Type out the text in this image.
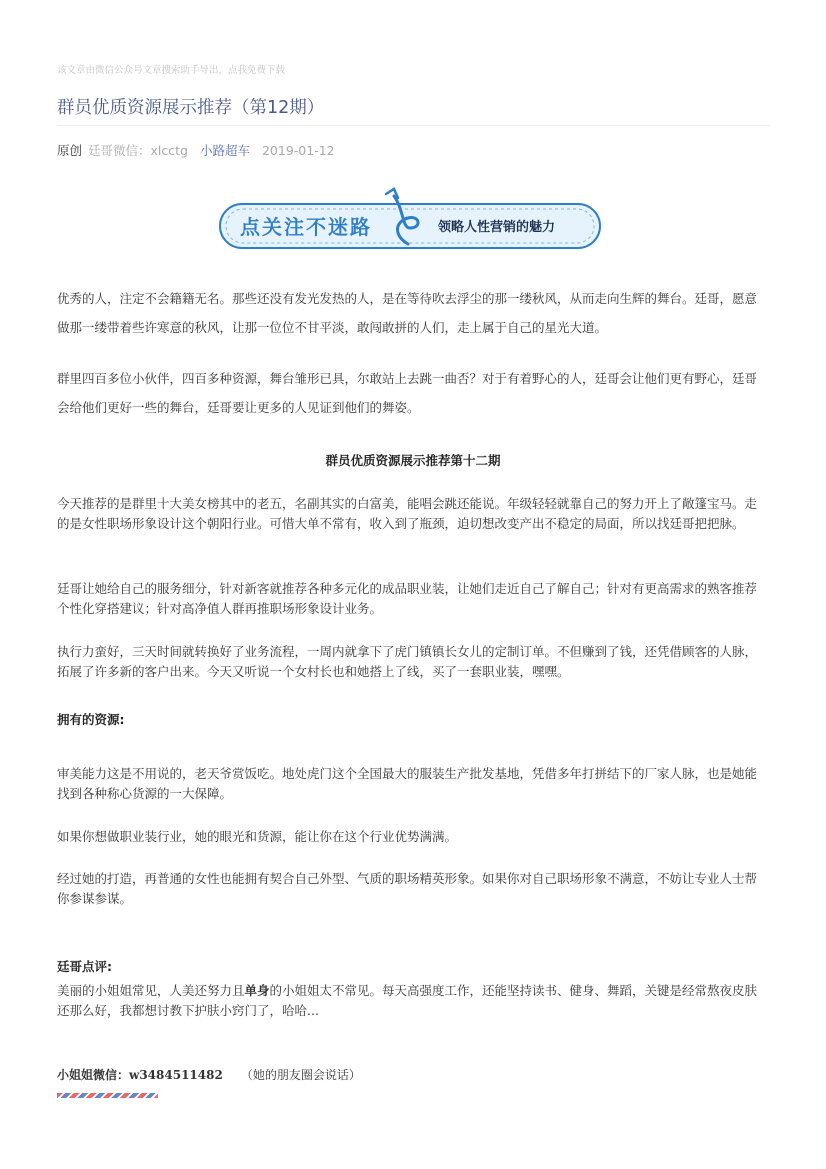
该文章由微信公众号文章搜索助手导出，点我免费下载
群员优质资源展示推荐（第12期）
原创 廷哥微信：xlcctg 小路超车 2019-01-12
点关注不迷路	领略人性营销的魅力
优秀的人，注定不会籍籍无名。那些还没有发光发热的人，是在等待吹去浮尘的那一缕秋风，从而走向生辉的舞台。廷哥，愿意做那一缕带着些许寒意的秋风，让那一位位不甘平淡，敢闯敢拼的人们，走上属于自己的星光大道。
群里四百多位小伙伴，四百多种资源，舞台雏形已具，尔敢站上去跳一曲否？对于有着野心的人，廷哥会让他们更有野心，廷哥会给他们更好一些的舞台，廷哥要让更多的人见证到他们的舞姿。
群员优质资源展示推荐第十二期
今天推荐的是群里十大美女榜其中的老五，名副其实的白富美，能唱会跳还能说。年级轻轻就靠自己的努力开上了敞篷宝马。走的是女性职场形象设计这个朝阳行业。可惜大单不常有，收入到了瓶颈，迫切想改变产出不稳定的局面，所以找廷哥把把脉。
廷哥让她给自己的服务细分，针对新客就推荐各种多元化的成品职业装，让她们走近自己了解自己；针对有更高需求的熟客推荐个性化穿搭建议；针对高净值人群再推职场形象设计业务。
执行力蛮好，三天时间就转换好了业务流程，一周内就拿下了虎门镇镇长女儿的定制订单。不但赚到了钱，还凭借顾客的人脉，拓展了许多新的客户出来。今天又听说一个女村长也和她搭上了线，买了一套职业装，嘿嘿。
拥有的资源:
审美能力这是不用说的，老天爷赏饭吃。地处虎门这个全国最大的服装生产批发基地，凭借多年打拼结下的厂家人脉，也是她能找到各种称心货源的一大保障。
如果你想做职业装行业，她的眼光和货源，能让你在这个行业优势满满。
经过她的打造，再普通的女性也能拥有契合自己外型、气质的职场精英形象。如果你对自己职场形象不满意，不妨让专业人士帮你参谋参谋。
廷哥点评:
美丽的小姐姐常见，人美还努力且单身的小姐姐太不常见。每天高强度工作，还能坚持读书、健身、舞蹈，关键是经常熬夜皮肤还那么好，我都想讨教下护肤小窍门了，哈哈...
小姐姐微信：w3484511482 （她的朋友圈会说话）
